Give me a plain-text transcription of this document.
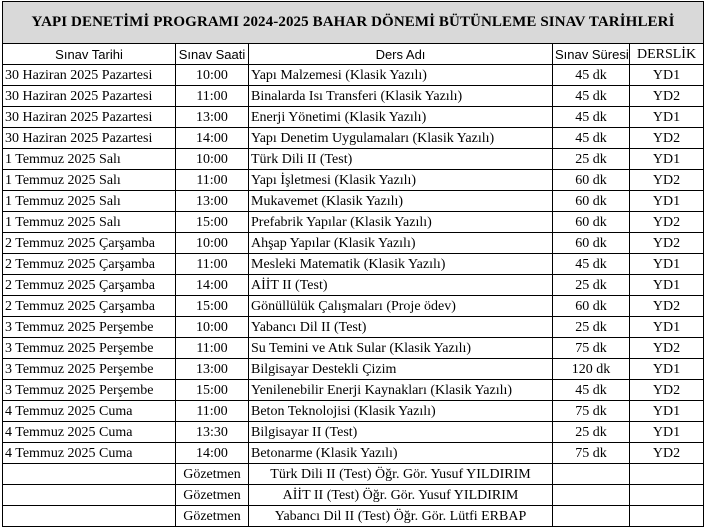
YAPI DENETİMİ PROGRAMI 2024-2025 BAHAR DÖNEMİ BÜTÜNLEME SINAV TARİHLERİ				
Sınav Tarihi	Sınav Saati	Ders Adı	Sınav Süresi	DERSLİK
30 Haziran 2025 Pazartesi	10:00	Yapı Malzemesi (Klasik Yazılı)	45 dk	YD1
30 Haziran 2025 Pazartesi	11:00	Binalarda Isı Transferi (Klasik Yazılı)	45 dk	YD2
30 Haziran 2025 Pazartesi	13:00	Enerji Yönetimi (Klasik Yazılı)	45 dk	YD1
30 Haziran 2025 Pazartesi	14:00	Yapı Denetim Uygulamaları (Klasik Yazılı)	45 dk	YD2
1 Temmuz 2025 Salı	10:00	Türk Dili II (Test)	25 dk	YD1
1 Temmuz 2025 Salı	11:00	Yapı İşletmesi (Klasik Yazılı)	60 dk	YD2
1 Temmuz 2025 Salı	13:00	Mukavemet (Klasik Yazılı)	60 dk	YD1
1 Temmuz 2025 Salı	15:00	Prefabrik Yapılar (Klasik Yazılı)	60 dk	YD2
2 Temmuz 2025 Çarşamba	10:00	Ahşap Yapılar (Klasik Yazılı)	60 dk	YD2
2 Temmuz 2025 Çarşamba	11:00	Mesleki Matematik (Klasik Yazılı)	45 dk	YD1
2 Temmuz 2025 Çarşamba	14:00	AİİT II (Test)	25 dk	YD1
2 Temmuz 2025 Çarşamba	15:00	Gönüllülük Çalışmaları (Proje ödev)	60 dk	YD2
3 Temmuz 2025 Perşembe	10:00	Yabancı Dil II (Test)	25 dk	YD1
3 Temmuz 2025 Perşembe	11:00	Su Temini ve Atık Sular (Klasik Yazılı)	75 dk	YD2
3 Temmuz 2025 Perşembe	13:00	Bilgisayar Destekli Çizim	120 dk	YD1
3 Temmuz 2025 Perşembe	15:00	Yenilenebilir Enerji Kaynakları (Klasik Yazılı)	45 dk	YD2
4 Temmuz 2025 Cuma	11:00	Beton Teknolojisi (Klasik Yazılı)	75 dk	YD1
4 Temmuz 2025 Cuma	13:30	Bilgisayar II (Test)	25 dk	YD1
4 Temmuz 2025 Cuma	14:00	Betonarme (Klasik Yazılı)	75 dk	YD2
	Gözetmen	Türk Dili II (Test) Öğr. Gör. Yusuf YILDIRIM		
	Gözetmen	AİİT II (Test) Öğr. Gör. Yusuf YILDIRIM		
	Gözetmen	Yabancı Dil II (Test) Öğr. Gör. Lütfi ERBAP		
